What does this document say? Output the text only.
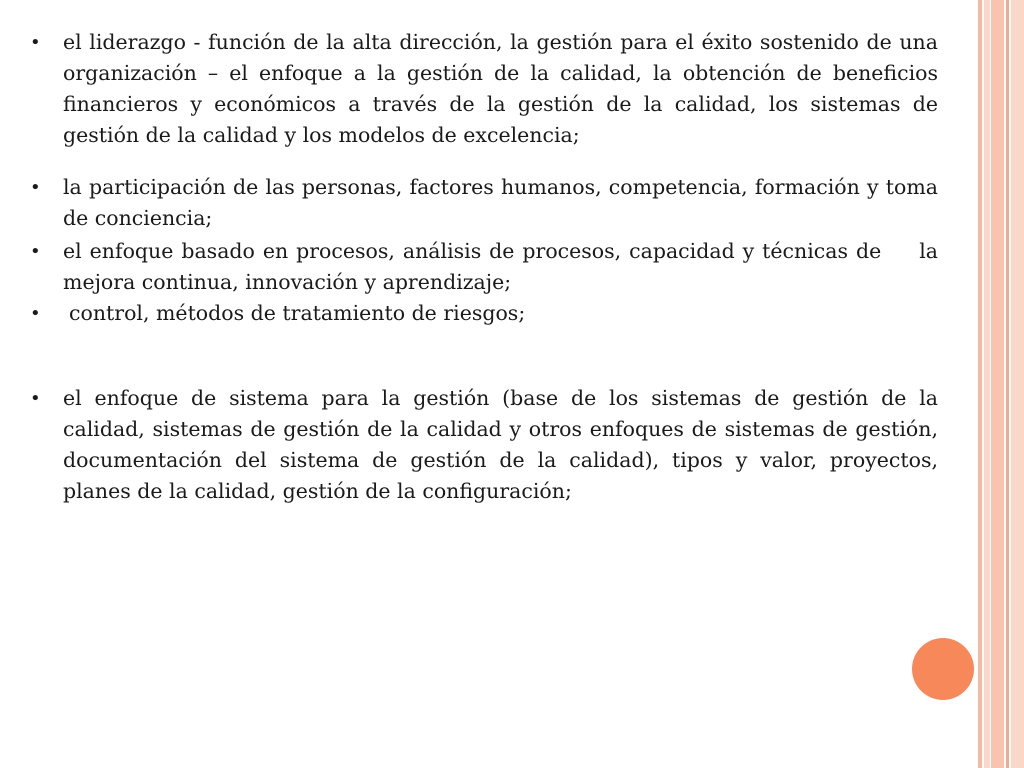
• el liderazgo - función de la alta dirección, la gestión para el éxito sostenido de una organización – el enfoque a la gestión de la calidad, la obtención de beneficios financieros y económicos a través de la gestión de la calidad, los sistemas de gestión de la calidad y los modelos de excelencia;
• la participación de las personas, factores humanos, competencia, formación y toma de conciencia;
• el enfoque basado en procesos, análisis de procesos, capacidad y técnicas de la mejora continua, innovación y aprendizaje;
• control, métodos de tratamiento de riesgos;
• el enfoque de sistema para la gestión (base de los sistemas de gestión de la calidad, sistemas de gestión de la calidad y otros enfoques de sistemas de gestión, documentación del sistema de gestión de la calidad), tipos y valor, proyectos, planes de la calidad, gestión de la configuración;
